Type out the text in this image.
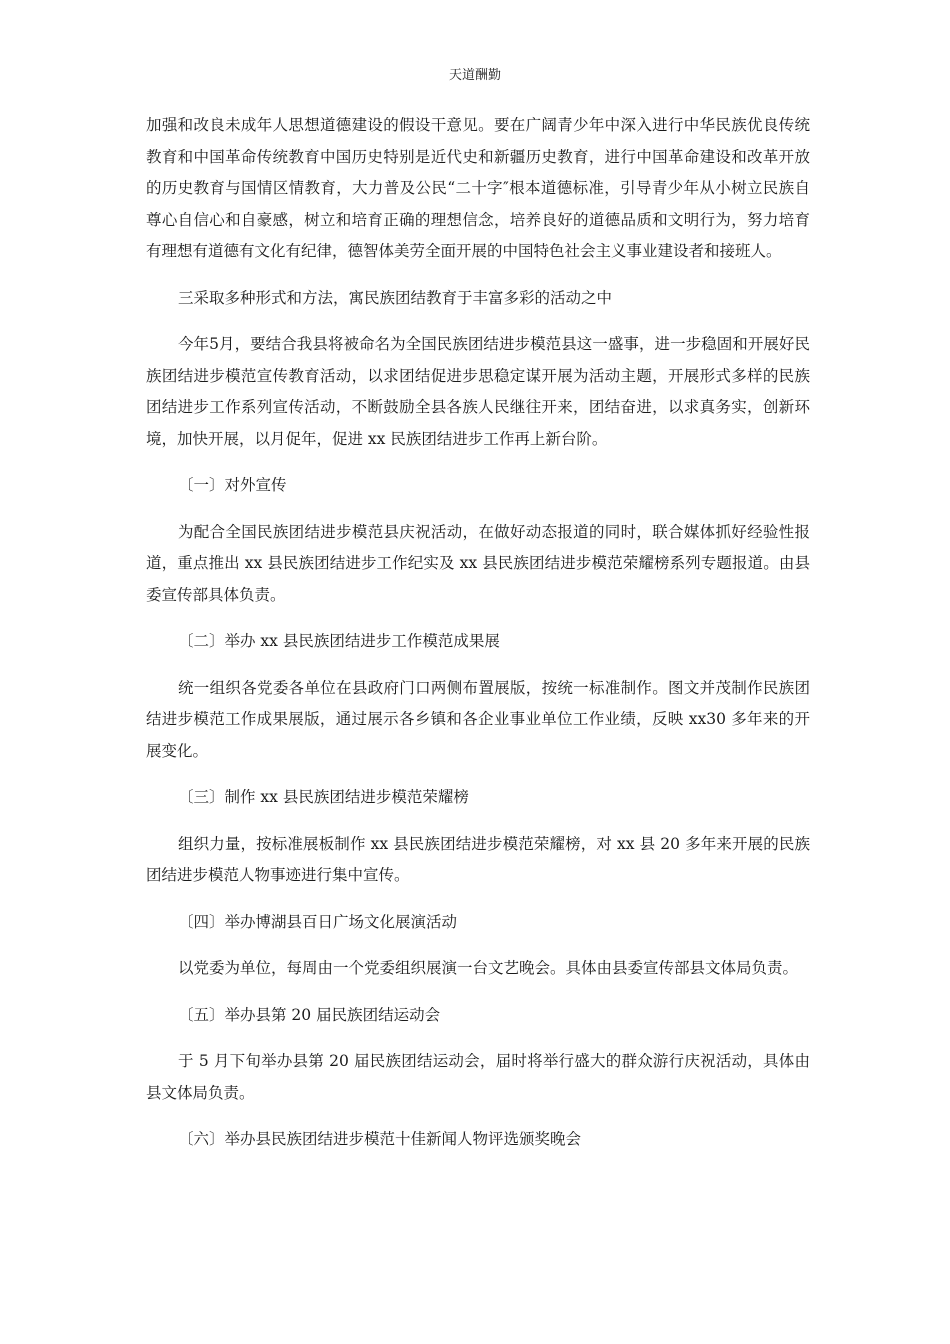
天道酬勤

加强和改良未成年人思想道德建设的假设干意见。要在广阔青少年中深入进行中华民族优良传统教育和中国革命传统教育中国历史特别是近代史和新疆历史教育，进行中国革命建设和改革开放的历史教育与国情区情教育，大力普及公民“二十字″根本道德标准，引导青少年从小树立民族自尊心自信心和自豪感，树立和培育正确的理想信念，培养良好的道德品质和文明行为，努力培育有理想有道德有文化有纪律，德智体美劳全面开展的中国特色社会主义事业建设者和接班人。

三采取多种形式和方法，寓民族团结教育于丰富多彩的活动之中

今年5月，要结合我县将被命名为全国民族团结进步模范县这一盛事，进一步稳固和开展好民族团结进步模范宣传教育活动，以求团结促进步思稳定谋开展为活动主题，开展形式多样的民族团结进步工作系列宣传活动，不断鼓励全县各族人民继往开来，团结奋进，以求真务实，创新环境，加快开展，以月促年，促进 xx 民族团结进步工作再上新台阶。

〔一〕对外宣传

为配合全国民族团结进步模范县庆祝活动，在做好动态报道的同时，联合媒体抓好经验性报道，重点推出 xx 县民族团结进步工作纪实及 xx 县民族团结进步模范荣耀榜系列专题报道。由县委宣传部具体负责。

〔二〕举办 xx 县民族团结进步工作模范成果展

统一组织各党委各单位在县政府门口两侧布置展版，按统一标准制作。图文并茂制作民族团结进步模范工作成果展版，通过展示各乡镇和各企业事业单位工作业绩，反映 xx30 多年来的开展变化。

〔三〕制作 xx 县民族团结进步模范荣耀榜

组织力量，按标准展板制作 xx 县民族团结进步模范荣耀榜，对 xx 县 20 多年来开展的民族团结进步模范人物事迹进行集中宣传。

〔四〕举办博湖县百日广场文化展演活动

以党委为单位，每周由一个党委组织展演一台文艺晚会。具体由县委宣传部县文体局负责。

〔五〕举办县第 20 届民族团结运动会

于 5 月下旬举办县第 20 届民族团结运动会，届时将举行盛大的群众游行庆祝活动，具体由县文体局负责。

〔六〕举办县民族团结进步模范十佳新闻人物评选颁奖晚会
